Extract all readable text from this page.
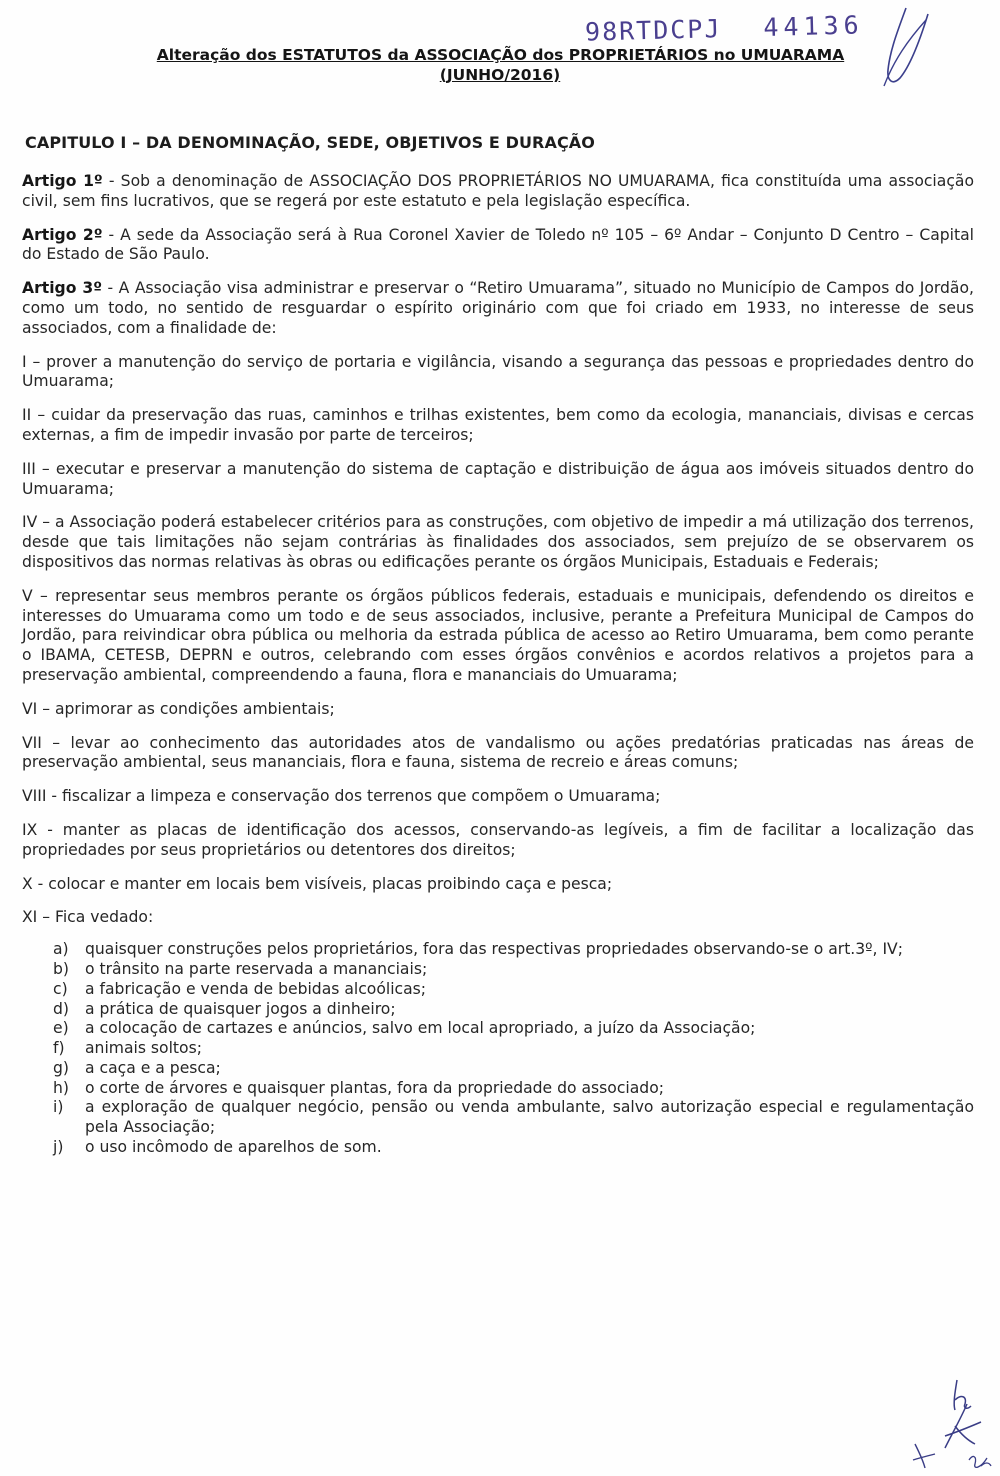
98RTDCPJ 44136
Alteração dos ESTATUTOS da ASSOCIAÇÃO dos PROPRIETÁRIOS no UMUARAMA
(JUNHO/2016)
CAPITULO I – DA DENOMINAÇÃO, SEDE, OBJETIVOS E DURAÇÃO

Artigo 1º - Sob a denominação de ASSOCIAÇÃO DOS PROPRIETÁRIOS NO UMUARAMA, fica constituída uma associação civil, sem fins lucrativos, que se regerá por este estatuto e pela legislação específica.

Artigo 2º - A sede da Associação será à Rua Coronel Xavier de Toledo nº 105 – 6º Andar – Conjunto D Centro – Capital do Estado de São Paulo.

Artigo 3º - A Associação visa administrar e preservar o “Retiro Umuarama”, situado no Município de Campos do Jordão, como um todo, no sentido de resguardar o espírito originário com que foi criado em 1933, no interesse de seus associados, com a finalidade de:

I – prover a manutenção do serviço de portaria e vigilância, visando a segurança das pessoas e propriedades dentro do Umuarama;

II – cuidar da preservação das ruas, caminhos e trilhas existentes, bem como da ecologia, mananciais, divisas e cercas externas, a fim de impedir invasão por parte de terceiros;

III – executar e preservar a manutenção do sistema de captação e distribuição de água aos imóveis situados dentro do Umuarama;

IV – a Associação poderá estabelecer critérios para as construções, com objetivo de impedir a má utilização dos terrenos, desde que tais limitações não sejam contrárias às finalidades dos associados, sem prejuízo de se observarem os dispositivos das normas relativas às obras ou edificações perante os órgãos Municipais, Estaduais e Federais;

V – representar seus membros perante os órgãos públicos federais, estaduais e municipais, defendendo os direitos e interesses do Umuarama como um todo e de seus associados, inclusive, perante a Prefeitura Municipal de Campos do Jordão, para reivindicar obra pública ou melhoria da estrada pública de acesso ao Retiro Umuarama, bem como perante o IBAMA, CETESB, DEPRN e outros, celebrando com esses órgãos convênios e acordos relativos a projetos para a preservação ambiental, compreendendo a fauna, flora e mananciais do Umuarama;

VI – aprimorar as condições ambientais;

VII – levar ao conhecimento das autoridades atos de vandalismo ou ações predatórias praticadas nas áreas de preservação ambiental, seus mananciais, flora e fauna, sistema de recreio e áreas comuns;

VIII - fiscalizar a limpeza e conservação dos terrenos que compõem o Umuarama;

IX - manter as placas de identificação dos acessos, conservando-as legíveis, a fim de facilitar a localização das propriedades por seus proprietários ou detentores dos direitos;

X - colocar e manter em locais bem visíveis, placas proibindo caça e pesca;

XI – Fica vedado:

a)	quaisquer construções pelos proprietários, fora das respectivas propriedades observando-se o art.3º, IV;
b)	o trânsito na parte reservada a mananciais;
c)	a fabricação e venda de bebidas alcoólicas;
d)	a prática de quaisquer jogos a dinheiro;
e)	a colocação de cartazes e anúncios, salvo em local apropriado, a juízo da Associação;
f)	animais soltos;
g)	a caça e a pesca;
h)	o corte de árvores e quaisquer plantas, fora da propriedade do associado;
i)	a exploração de qualquer negócio, pensão ou venda ambulante, salvo autorização especial e regulamentação pela Associação;
j)	o uso incômodo de aparelhos de som.
